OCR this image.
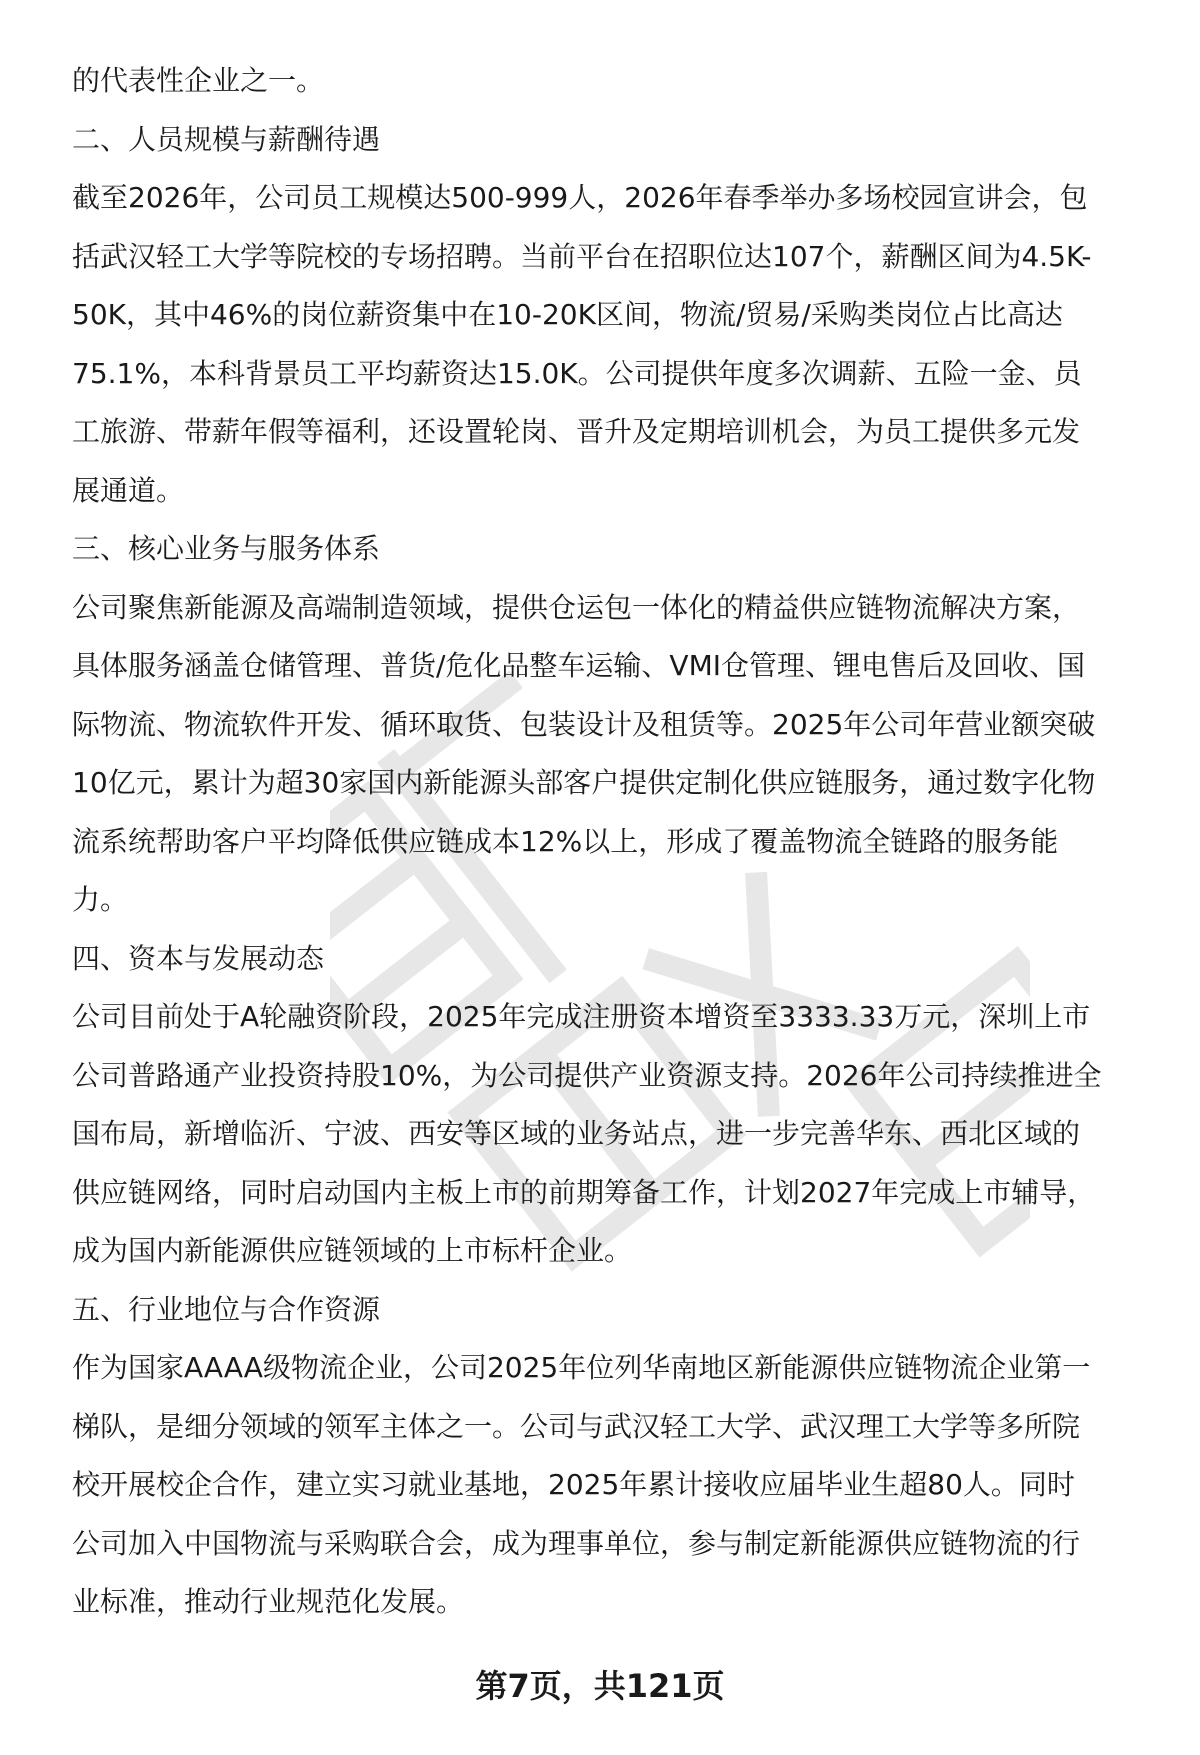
的代表性企业之一。
二、人员规模与薪酬待遇
截至2026年，公司员工规模达500-999人，2026年春季举办多场校园宣讲会，包
括武汉轻工大学等院校的专场招聘。当前平台在招职位达107个，薪酬区间为4.5K-
50K，其中46%的岗位薪资集中在10-20K区间，物流/贸易/采购类岗位占比高达
75.1%，本科背景员工平均薪资达15.0K。公司提供年度多次调薪、五险一金、员
工旅游、带薪年假等福利，还设置轮岗、晋升及定期培训机会，为员工提供多元发
展通道。
三、核心业务与服务体系
公司聚焦新能源及高端制造领域，提供仓运包一体化的精益供应链物流解决方案，
具体服务涵盖仓储管理、普货/危化品整车运输、VMI仓管理、锂电售后及回收、国
际物流、物流软件开发、循环取货、包装设计及租赁等。2025年公司年营业额突破
10亿元，累计为超30家国内新能源头部客户提供定制化供应链服务，通过数字化物
流系统帮助客户平均降低供应链成本12%以上，形成了覆盖物流全链路的服务能
力。
四、资本与发展动态
公司目前处于A轮融资阶段，2025年完成注册资本增资至3333.33万元，深圳上市
公司普路通产业投资持股10%，为公司提供产业资源支持。2026年公司持续推进全
国布局，新增临沂、宁波、西安等区域的业务站点，进一步完善华东、西北区域的
供应链网络，同时启动国内主板上市的前期筹备工作，计划2027年完成上市辅导，
成为国内新能源供应链领域的上市标杆企业。
五、行业地位与合作资源
作为国家AAAA级物流企业，公司2025年位列华南地区新能源供应链物流企业第一
梯队，是细分领域的领军主体之一。公司与武汉轻工大学、武汉理工大学等多所院
校开展校企合作，建立实习就业基地，2025年累计接收应届毕业生超80人。同时
公司加入中国物流与采购联合会，成为理事单位，参与制定新能源供应链物流的行
业标准，推动行业规范化发展。
第7页，共121页
